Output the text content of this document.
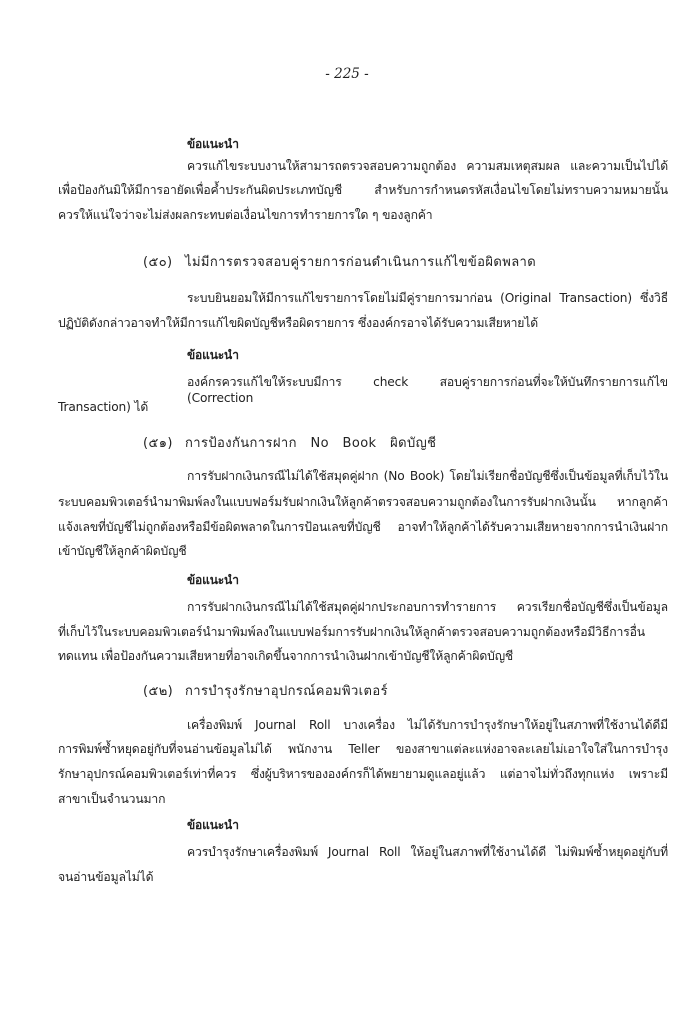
- 225 -
ข้อแนะนำ
ควรแก้ไขระบบงานให้สามารถตรวจสอบความถูกต้อง ความสมเหตุสมผล และความเป็นไปได้
เพื่อป้องกันมิให้มีการอายัดเพื่อค้ำประกันผิดประเภทบัญชี สำหรับการกำหนดรหัสเงื่อนไขโดยไม่ทราบความหมายนั้น
ควรให้แน่ใจว่าจะไม่ส่งผลกระทบต่อเงื่อนไขการทำรายการใด ๆ ของลูกค้า
(๕๐) ไม่มีการตรวจสอบคู่รายการก่อนดำเนินการแก้ไขข้อผิดพลาด
ระบบยินยอมให้มีการแก้ไขรายการโดยไม่มีคู่รายการมาก่อน (Original Transaction) ซึ่งวิธี
ปฏิบัติดังกล่าวอาจทำให้มีการแก้ไขผิดบัญชีหรือผิดรายการ ซึ่งองค์กรอาจได้รับความเสียหายได้
ข้อแนะนำ
องค์กรควรแก้ไขให้ระบบมีการ check สอบคู่รายการก่อนที่จะให้บันทึกรายการแก้ไข (Correction
Transaction) ได้
(๕๑) การป้องกันการฝาก   No   Book   ผิดบัญชี
การรับฝากเงินกรณีไม่ได้ใช้สมุดคู่ฝาก (No Book) โดยไม่เรียกชื่อบัญชีซึ่งเป็นข้อมูลที่เก็บไว้ใน
ระบบคอมพิวเตอร์นำมาพิมพ์ลงในแบบฟอร์มรับฝากเงินให้ลูกค้าตรวจสอบความถูกต้องในการรับฝากเงินนั้น หากลูกค้า
แจ้งเลขที่บัญชีไม่ถูกต้องหรือมีข้อผิดพลาดในการป้อนเลขที่บัญชี อาจทำให้ลูกค้าได้รับความเสียหายจากการนำเงินฝาก
เข้าบัญชีให้ลูกค้าผิดบัญชี
ข้อแนะนำ
การรับฝากเงินกรณีไม่ได้ใช้สมุดคู่ฝากประกอบการทำรายการ ควรเรียกชื่อบัญชีซึ่งเป็นข้อมูล
ที่เก็บไว้ในระบบคอมพิวเตอร์นำมาพิมพ์ลงในแบบฟอร์มการรับฝากเงินให้ลูกค้าตรวจสอบความถูกต้องหรือมีวิธีการอื่น
ทดแทน เพื่อป้องกันความเสียหายที่อาจเกิดขึ้นจากการนำเงินฝากเข้าบัญชีให้ลูกค้าผิดบัญชี
(๕๒) การบำรุงรักษาอุปกรณ์คอมพิวเตอร์
เครื่องพิมพ์ Journal Roll บางเครื่อง ไม่ได้รับการบำรุงรักษาให้อยู่ในสภาพที่ใช้งานได้ดีมี
การพิมพ์ซ้ำหยุดอยู่กับที่จนอ่านข้อมูลไม่ได้ พนักงาน Teller ของสาขาแต่ละแห่งอาจละเลยไม่เอาใจใส่ในการบำรุง
รักษาอุปกรณ์คอมพิวเตอร์เท่าที่ควร ซึ่งผู้บริหารขององค์กรก็ได้พยายามดูแลอยู่แล้ว แต่อาจไม่ทั่วถึงทุกแห่ง เพราะมี
สาขาเป็นจำนวนมาก
ข้อแนะนำ
ควรบำรุงรักษาเครื่องพิมพ์ Journal Roll ให้อยู่ในสภาพที่ใช้งานได้ดี ไม่พิมพ์ซ้ำหยุดอยู่กับที่
จนอ่านข้อมูลไม่ได้
